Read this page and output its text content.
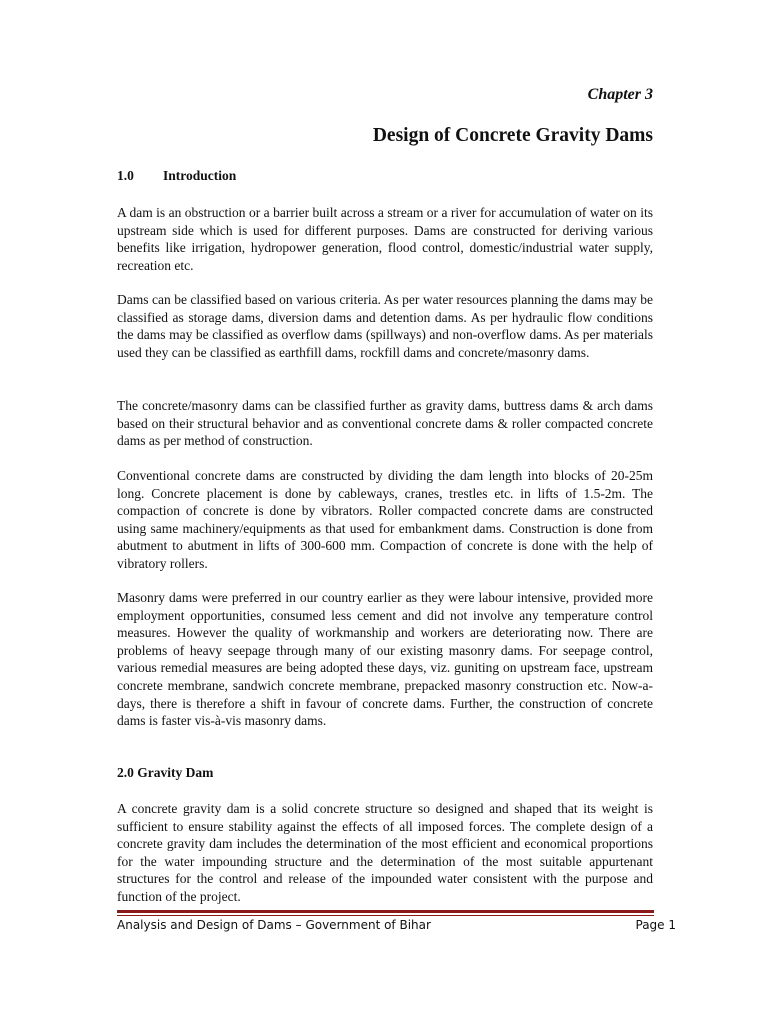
Chapter 3
Design of Concrete Gravity Dams
1.0 Introduction

A dam is an obstruction or a barrier built across a stream or a river for accumulation of water on its upstream side which is used for different purposes. Dams are constructed for deriving various benefits like irrigation, hydropower generation, flood control, domestic/industrial water supply, recreation etc.

Dams can be classified based on various criteria. As per water resources planning the dams may be classified as storage dams, diversion dams and detention dams. As per hydraulic flow conditions the dams may be classified as overflow dams (spillways) and non-overflow dams. As per materials used they can be classified as earthfill dams, rockfill dams and concrete/masonry dams.

The concrete/masonry dams can be classified further as gravity dams, buttress dams & arch dams based on their structural behavior and as conventional concrete dams & roller compacted concrete dams as per method of construction.

Conventional concrete dams are constructed by dividing the dam length into blocks of 20-25m long. Concrete placement is done by cableways, cranes, trestles etc. in lifts of 1.5-2m. The compaction of concrete is done by vibrators. Roller compacted concrete dams are constructed using same machinery/equipments as that used for embankment dams. Construction is done from abutment to abutment in lifts of 300-600 mm. Compaction of concrete is done with the help of vibratory rollers.

Masonry dams were preferred in our country earlier as they were labour intensive, provided more employment opportunities, consumed less cement and did not involve any temperature control measures. However the quality of workmanship and workers are deteriorating now. There are problems of heavy seepage through many of our existing masonry dams. For seepage control, various remedial measures are being adopted these days, viz. guniting on upstream face, upstream concrete membrane, sandwich concrete membrane, prepacked masonry construction etc. Now-a-days, there is therefore a shift in favour of concrete dams. Further, the construction of concrete dams is faster vis-à-vis masonry dams.

2.0 Gravity Dam

A concrete gravity dam is a solid concrete structure so designed and shaped that its weight is sufficient to ensure stability against the effects of all imposed forces. The complete design of a concrete gravity dam includes the determination of the most efficient and economical proportions for the water impounding structure and the determination of the most suitable appurtenant structures for the control and release of the impounded water consistent with the purpose and function of the project.

Analysis and Design of Dams – Government of Bihar	Page 1
